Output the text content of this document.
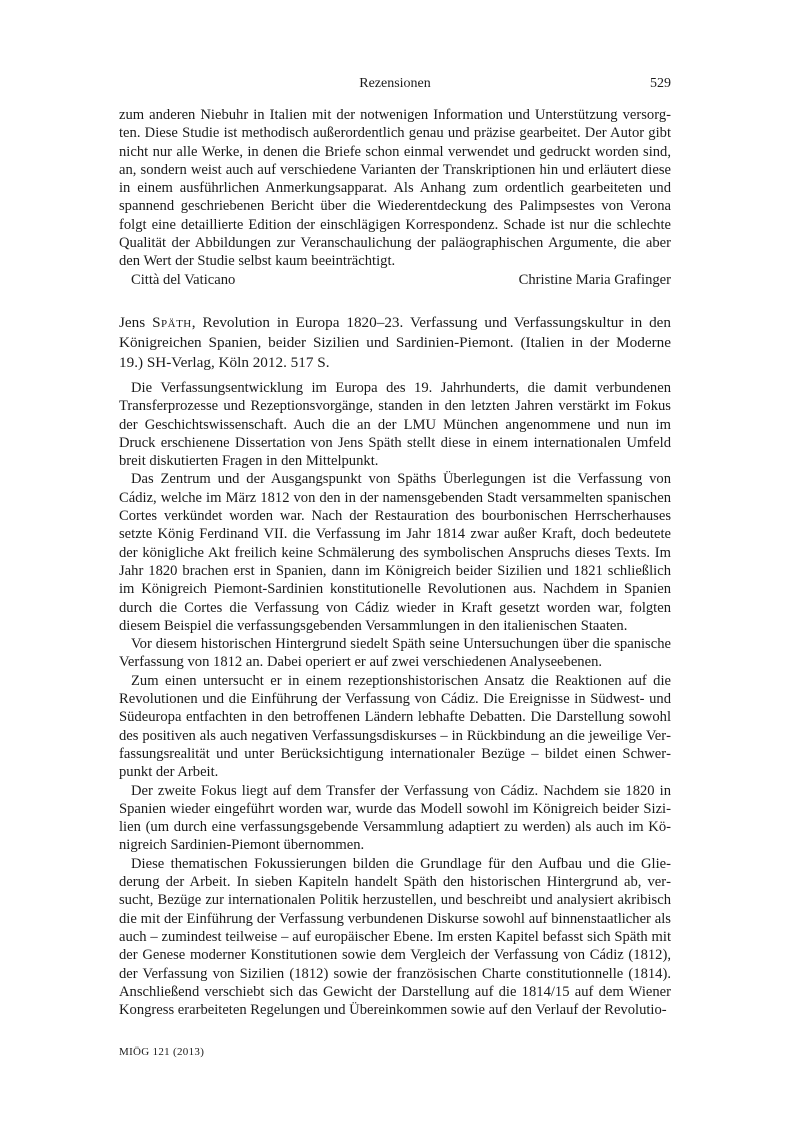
Rezensionen	529

zum anderen Niebuhr in Italien mit der notwenigen Information und Unterstützung versorgten. Diese Studie ist methodisch außerordentlich genau und präzise gearbeitet. Der Autor gibt nicht nur alle Werke, in denen die Briefe schon einmal verwendet und gedruckt worden sind, an, sondern weist auch auf verschiedene Varianten der Transkriptionen hin und erläutert diese in einem ausführlichen Anmerkungsapparat. Als Anhang zum ordentlich gearbeiteten und spannend geschriebenen Bericht über die Wiederentdeckung des Palimpsestes von Verona folgt eine detaillierte Edition der einschlägigen Korrespondenz. Schade ist nur die schlechte Qualität der Abbildungen zur Veranschaulichung der paläographischen Argumente, die aber den Wert der Studie selbst kaum beeinträchtigt.

Città del Vaticano	Christine Maria Grafinger
Jens Späth, Revolution in Europa 1820–23. Verfassung und Verfassungskultur in den Königreichen Spanien, beider Sizilien und Sardinien-Piemont. (Italien in der Moderne 19.) SH-Verlag, Köln 2012. 517 S.

Die Verfassungsentwicklung im Europa des 19. Jahrhunderts, die damit verbundenen Transferprozesse und Rezeptionsvorgänge, standen in den letzten Jahren verstärkt im Fokus der Geschichtswissenschaft. Auch die an der LMU München angenommene und nun im Druck erschienene Dissertation von Jens Späth stellt diese in einem internationalen Umfeld breit diskutierten Fragen in den Mittelpunkt.

Das Zentrum und der Ausgangspunkt von Späths Überlegungen ist die Verfassung von Cádiz, welche im März 1812 von den in der namensgebenden Stadt versammelten spanischen Cortes verkündet worden war. Nach der Restauration des bourbonischen Herrscherhauses setzte König Ferdinand VII. die Verfassung im Jahr 1814 zwar außer Kraft, doch bedeutete der königliche Akt freilich keine Schmälerung des symbolischen Anspruchs dieses Texts. Im Jahr 1820 brachen erst in Spanien, dann im Königreich beider Sizilien und 1821 schließlich im Königreich Piemont-Sardinien konstitutionelle Revolutionen aus. Nachdem in Spanien durch die Cortes die Verfassung von Cádiz wieder in Kraft gesetzt worden war, folgten diesem Beispiel die verfassungsgebenden Versammlungen in den italienischen Staaten.

Vor diesem historischen Hintergrund siedelt Späth seine Untersuchungen über die spanische Verfassung von 1812 an. Dabei operiert er auf zwei verschiedenen Analyseebenen.

Zum einen untersucht er in einem rezeptionshistorischen Ansatz die Reaktionen auf die Revolutionen und die Einführung der Verfassung von Cádiz. Die Ereignisse in Südwest- und Südeuropa entfachten in den betroffenen Ländern lebhafte Debatten. Die Darstellung sowohl des positiven als auch negativen Verfassungsdiskurses – in Rückbindung an die jeweilige Verfassungsrealität und unter Berücksichtigung internationaler Bezüge – bildet einen Schwerpunkt der Arbeit.

Der zweite Fokus liegt auf dem Transfer der Verfassung von Cádiz. Nachdem sie 1820 in Spanien wieder eingeführt worden war, wurde das Modell sowohl im Königreich beider Sizilien (um durch eine verfassungsgebende Versammlung adaptiert zu werden) als auch im Königreich Sardinien-Piemont übernommen.

Diese thematischen Fokussierungen bilden die Grundlage für den Aufbau und die Gliederung der Arbeit. In sieben Kapiteln handelt Späth den historischen Hintergrund ab, versucht, Bezüge zur internationalen Politik herzustellen, und beschreibt und analysiert akribisch die mit der Einführung der Verfassung verbundenen Diskurse sowohl auf binnenstaatlicher als auch – zumindest teilweise – auf europäischer Ebene. Im ersten Kapitel befasst sich Späth mit der Genese moderner Konstitutionen sowie dem Vergleich der Verfassung von Cádiz (1812), der Verfassung von Sizilien (1812) sowie der französischen Charte constitutionnelle (1814). Anschließend verschiebt sich das Gewicht der Darstellung auf die 1814/15 auf dem Wiener Kongress erarbeiteten Regelungen und Übereinkommen sowie auf den Verlauf der Revolutio-

MIÖG 121 (2013)
